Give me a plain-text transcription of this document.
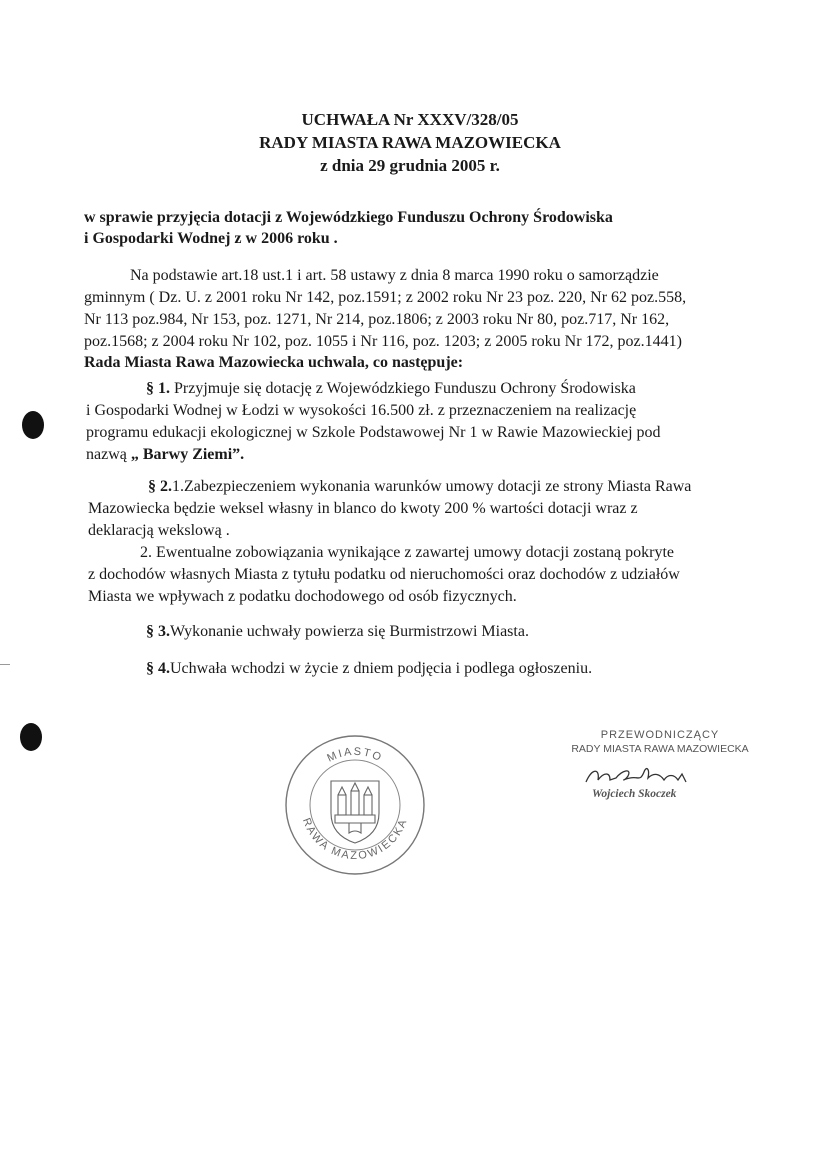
UCHWAŁA Nr XXXV/328/05
RADY MIASTA RAWA MAZOWIECKA
z dnia 29 grudnia 2005 r.
w sprawie przyjęcia dotacji z Wojewódzkiego Funduszu Ochrony Środowiska
i Gospodarki Wodnej z w 2006 roku .
Na podstawie art.18 ust.1 i art. 58 ustawy z dnia 8 marca 1990 roku o samorządzie
gminnym ( Dz. U. z 2001 roku Nr 142, poz.1591; z 2002 roku Nr 23 poz. 220, Nr 62 poz.558,
Nr 113 poz.984, Nr 153, poz. 1271, Nr 214, poz.1806; z 2003 roku Nr 80, poz.717, Nr 162,
poz.1568; z 2004 roku Nr 102, poz. 1055 i Nr 116, poz. 1203; z 2005 roku Nr 172, poz.1441)
Rada Miasta Rawa Mazowiecka uchwala, co następuje:
§ 1. Przyjmuje się dotację z Wojewódzkiego Funduszu Ochrony Środowiska
i Gospodarki Wodnej w Łodzi w wysokości 16.500 zł. z przeznaczeniem na realizację
programu edukacji ekologicznej w Szkole Podstawowej Nr 1 w Rawie Mazowieckiej pod
nazwą „ Barwy Ziemi”.
§ 2.1.Zabezpieczeniem wykonania warunków umowy dotacji ze strony Miasta Rawa
Mazowiecka będzie weksel własny in blanco do kwoty 200 % wartości dotacji wraz z
deklaracją wekslową .
2. Ewentualne zobowiązania wynikające z zawartej umowy dotacji zostaną pokryte
z dochodów własnych Miasta z tytułu podatku od nieruchomości oraz dochodów z udziałów
Miasta we wpływach z podatku dochodowego od osób fizycznych.
§ 3.Wykonanie uchwały powierza się Burmistrzowi Miasta.
§ 4.Uchwała wchodzi w życie z dniem podjęcia i podlega ogłoszeniu.
MIASTO
RAWA MAZOWIECKA
PRZEWODNICZĄCY
RADY MIASTA RAWA MAZOWIECKA
Wojciech Skoczek
